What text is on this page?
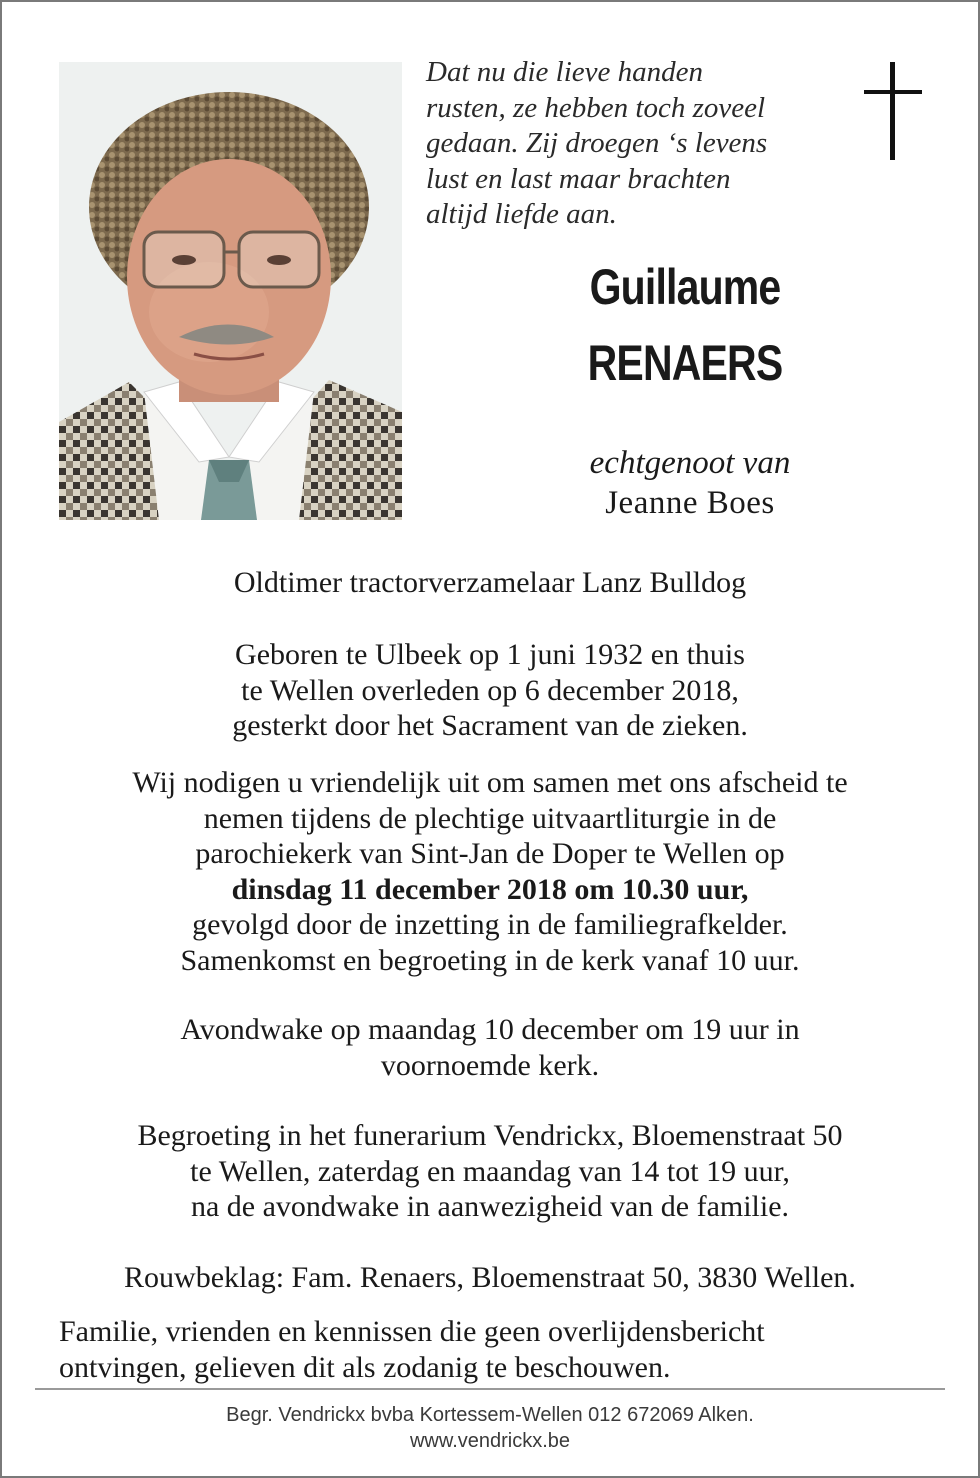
Dat nu die lieve handen
rusten, ze hebben toch zoveel
gedaan. Zij droegen ‘s levens
lust en last maar brachten
altijd liefde aan.
Guillaume
RENAERS
echtgenoot van
Jeanne Boes
Oldtimer tractorverzamelaar Lanz Bulldog
Geboren te Ulbeek op 1 juni 1932 en thuis
te Wellen overleden op 6 december 2018,
gesterkt door het Sacrament van de zieken.
Wij nodigen u vriendelijk uit om samen met ons afscheid te
nemen tijdens de plechtige uitvaartliturgie in de
parochiekerk van Sint-Jan de Doper te Wellen op
dinsdag 11 december 2018 om 10.30 uur,
gevolgd door de inzetting in de familiegrafkelder.
Samenkomst en begroeting in de kerk vanaf 10 uur.
Avondwake op maandag 10 december om 19 uur in
voornoemde kerk.
Begroeting in het funerarium Vendrickx, Bloemenstraat 50
te Wellen, zaterdag en maandag van 14 tot 19 uur,
na de avondwake in aanwezigheid van de familie.
Rouwbeklag: Fam. Renaers, Bloemenstraat 50, 3830 Wellen.
Familie, vrienden en kennissen die geen overlijdensbericht
ontvingen, gelieven dit als zodanig te beschouwen.
Begr. Vendrickx bvba Kortessem-Wellen 012 672069 Alken.
www.vendrickx.be
